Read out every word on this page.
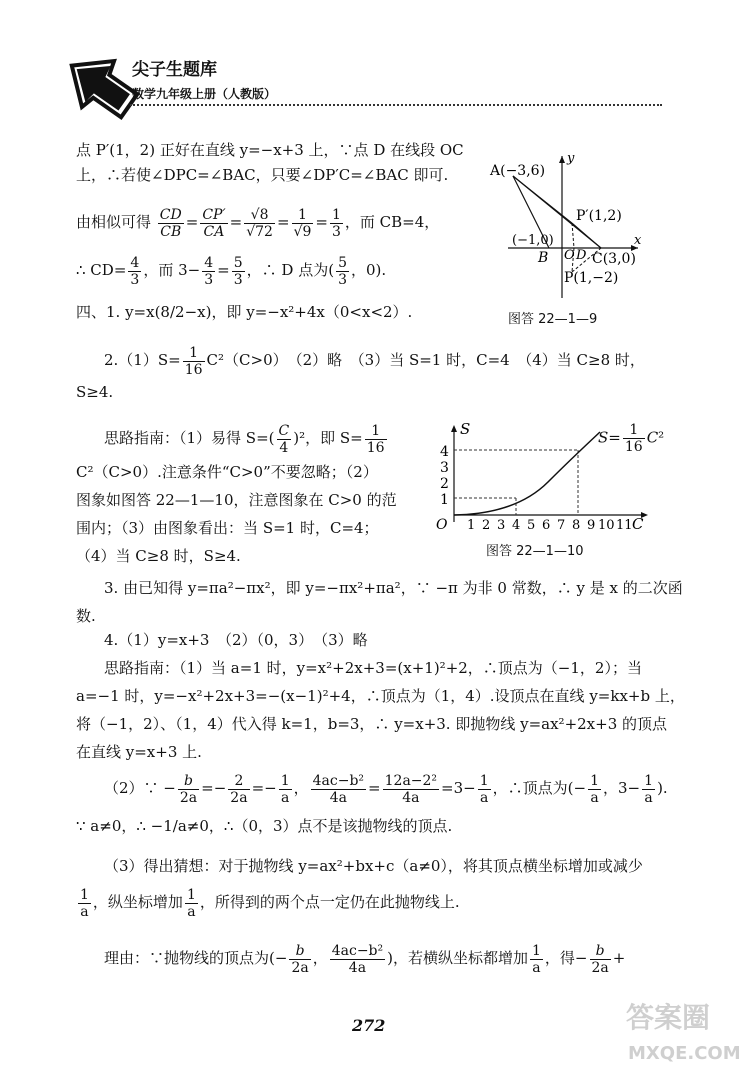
尖子生题库
数学九年级上册（人教版）
点 P′(1，2) 正好在直线 y=−x+3 上，∵点 D 在线段 OC
上，∴若使∠DPC=∠BAC，只要∠DP′C=∠BAC 即可.
由相似可得 $\frac{CD}{CB} = \frac{CP'}{CA} = \frac{√8}{√72} = \frac{1}{√9} = \frac{1}{3}$ ，而 CB=4，
∴ $CD= \frac{4}{3}$ ，而 $3- \frac{4}{3} = \frac{5}{3}$ ，∴ D 点为( $\frac{5}{3}$ ，0).
四、1. y=x(8/2−x)，即 y=−x²+4x（0<x<2）.
$2.(1)S= \frac{1}{16} C^2(C>0)$　（2）略　（3）当 S=1 时，C=4　（4）当 C≥8 时，
S≥4.
思路指南：（1）易得 $S=( \frac{C}{4} )^2$，即 $S= \frac{1}{16}$
C²（C>0）.注意条件“C>0”不要忽略；（2）
图象如图答 22—1—10，注意图象在 C>0 的范
围内；（3）由图象看出：当 S=1 时，C=4；
（4）当 C≥8 时，S≥4.
3. 由已知得 y=πa²−πx²，即 y=−πx²+πa²，∵ −π 为非 0 常数，∴ y 是 x 的二次函
数.
4.（1）y=x+3　（2）（0，3）　（3）略
思路指南：（1）当 a=1 时，y=x²+2x+3=(x+1)²+2，∴顶点为（−1，2）；当
a=−1 时，y=−x²+2x+3=−(x−1)²+4，∴顶点为（1，4）.设顶点在直线 y=kx+b 上，
将（−1，2）、（1，4）代入得 k=1，b=3，∴ y=x+3. 即抛物线 y=ax²+2x+3 的顶点
在直线 y=x+3 上.
（2）∵ − $\frac{b}{2a} =- \frac{2}{2a} =- \frac{1}{a}$ ， $\frac{\text{4ac−b²}}{4a} = \frac{\text{12a−2²}}{4a} =3- \frac{1}{a}$ ，∴顶点为(− $\frac{1}{a}$ ，$3- \frac{1}{a}$ ).
∵ a≠0，∴ −1/a≠0，∴（0，3）点不是该抛物线的顶点.
（3）得出猜想：对于抛物线 y=ax²+bx+c（a≠0），将其顶点横坐标增加或减少
$\frac{1}{a}$ ，纵坐标增加 $\frac{1}{a}$ ，所得到的两个点一定仍在此抛物线上.
理由：∵抛物线的顶点为(− $\frac{b}{2a}$ ， $\frac{\text{4ac−b²}}{4a}$ )，若横纵坐标都增加 $\frac{1}{a}$ ，得− $\frac{b}{2a}$ +
A(−3,6)
P′(1,2)
(−1,0)
B O D C(3,0)
P(1,−2)
x
y
图答 22—1—9
S
1
2
3
4
O 1 2 3 4 5 6 7 8 9 10 11 C
$S= \frac{1}{16} C^2$
图答 22—1—10
272	答案圈
MXQE.COM
